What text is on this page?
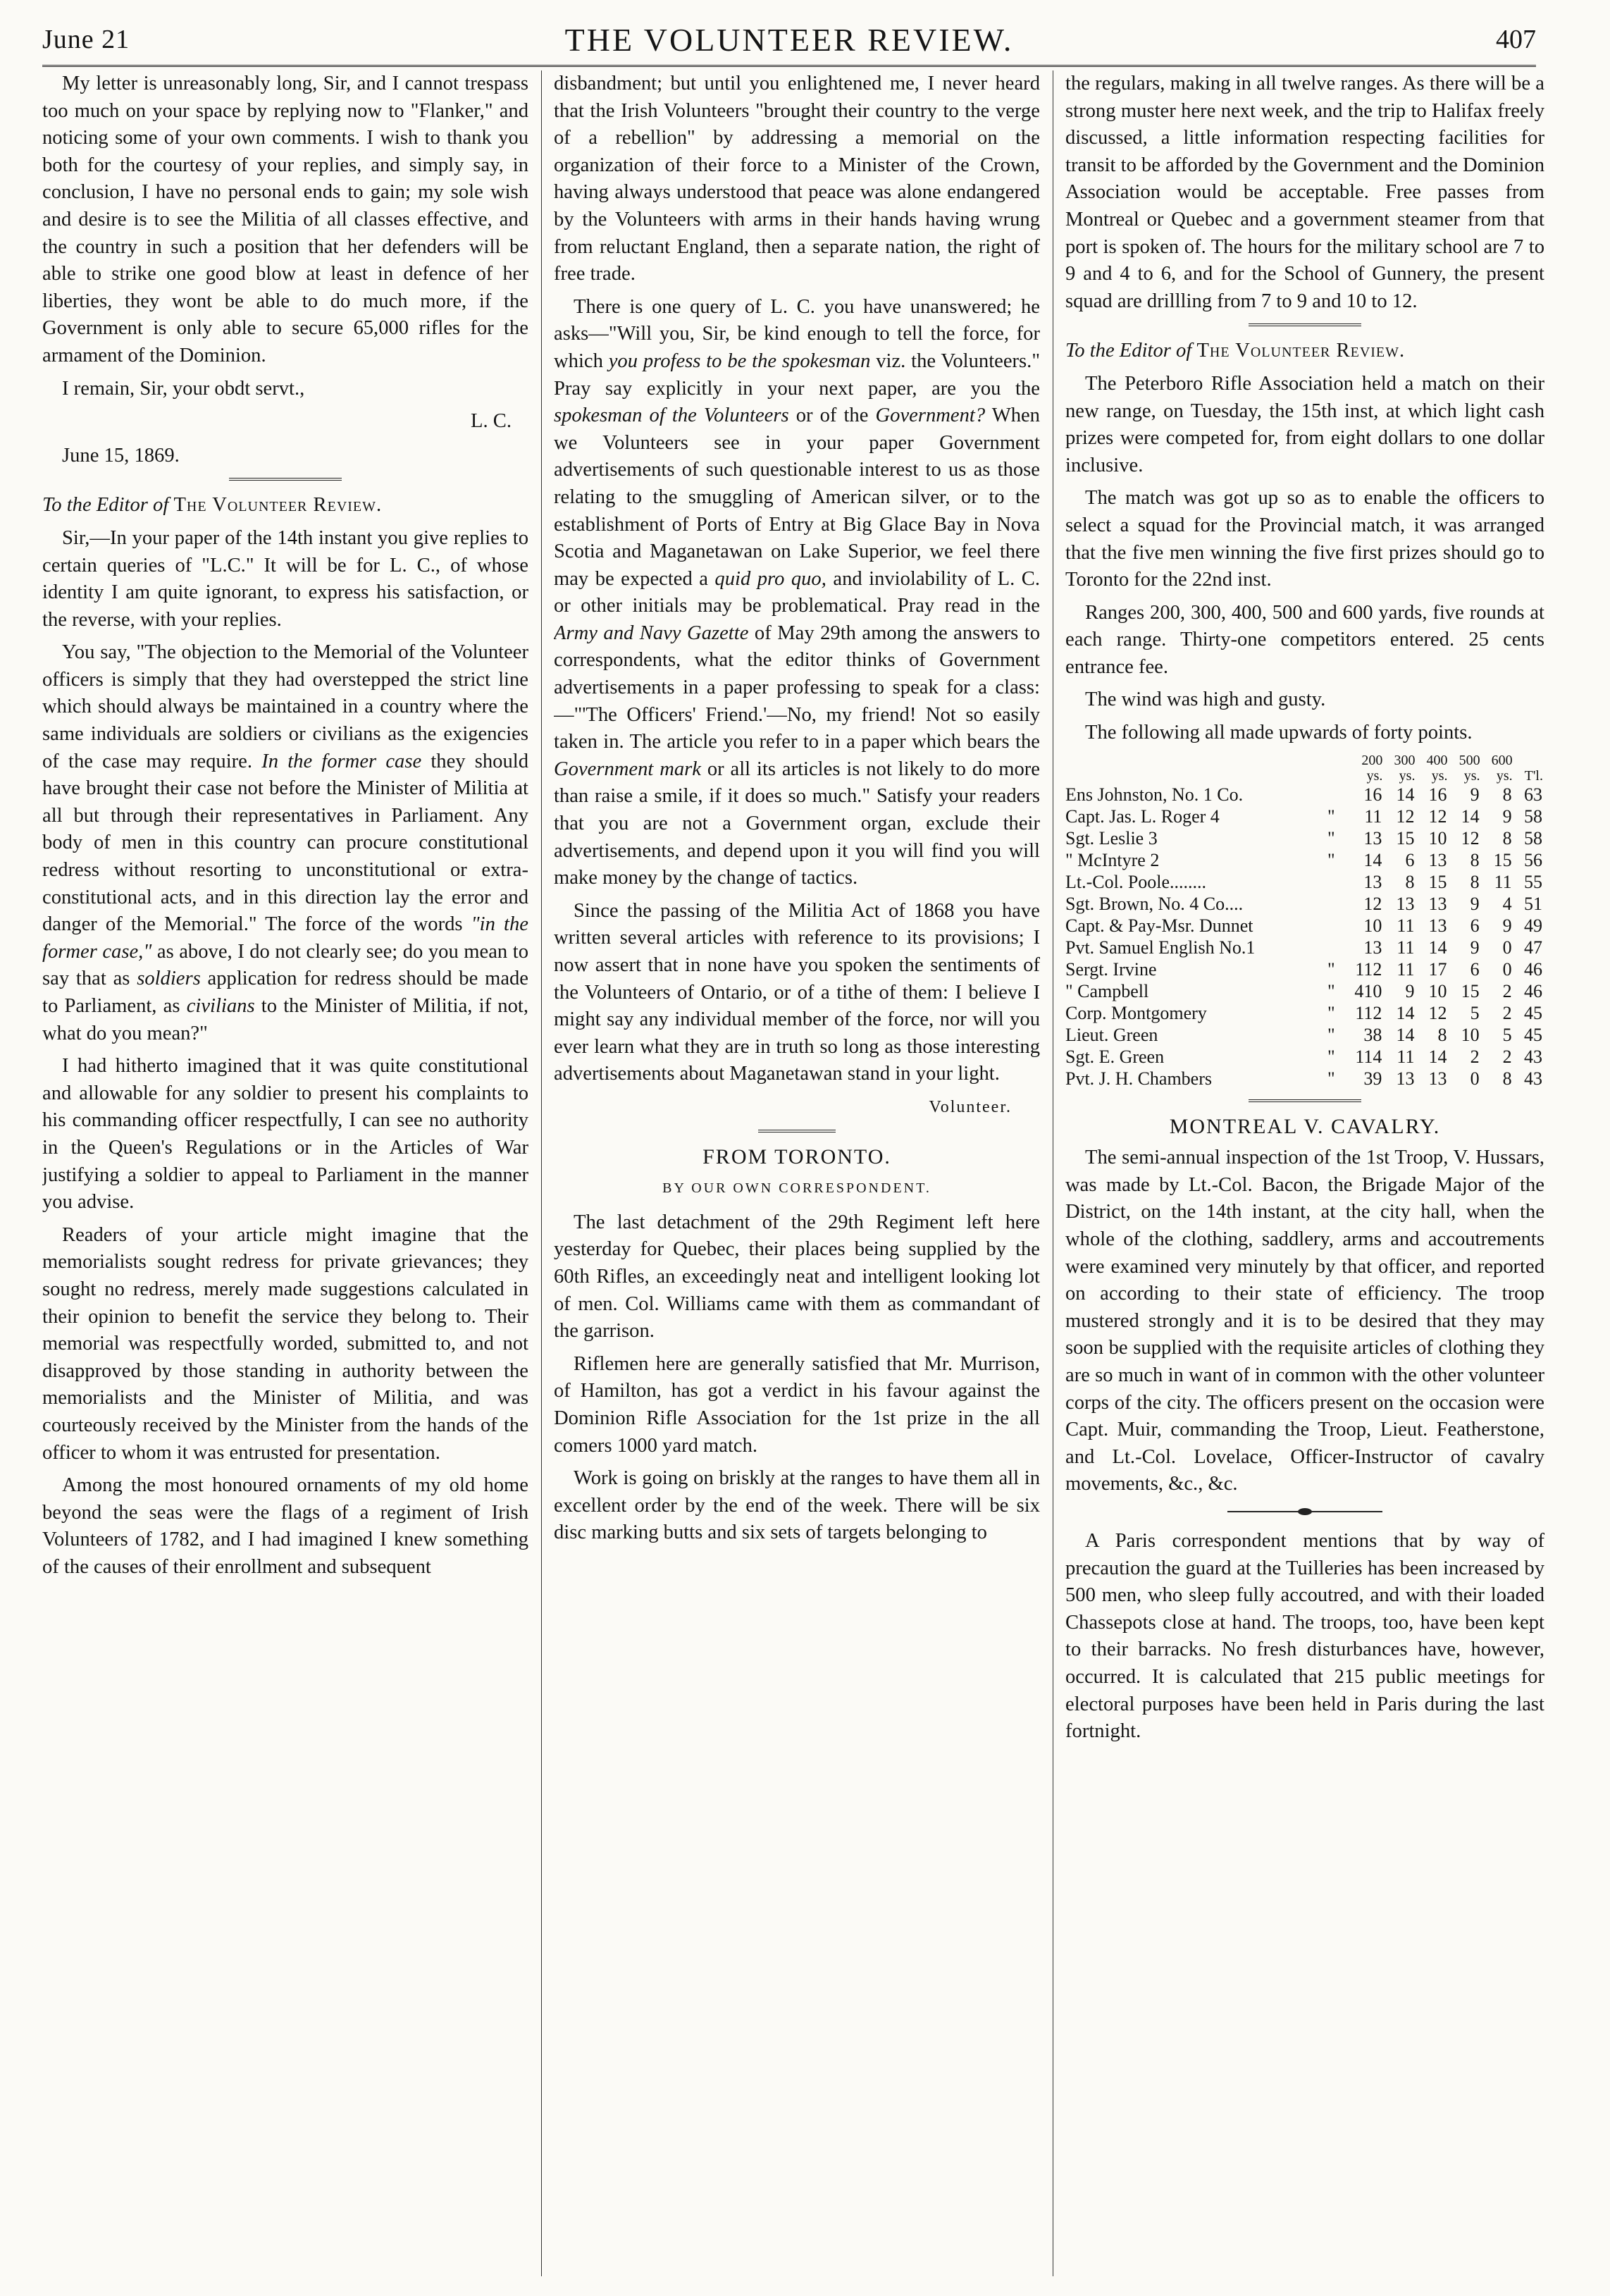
June 21	THE VOLUNTEER REVIEW.	407

My letter is unreasonably long, Sir, and I cannot trespass too much on your space by replying now to "Flanker," and noticing some of your own comments. I wish to thank you both for the courtesy of your replies, and simply say, in conclusion, I have no personal ends to gain; my sole wish and desire is to see the Militia of all classes effective, and the country in such a position that her defenders will be able to strike one good blow at least in defence of her liberties, they wont be able to do much more, if the Government is only able to secure 65,000 rifles for the armament of the Dominion.

I remain, Sir, your obdt servt.,

L. C.

June 15, 1869.

To the Editor of The Volunteer Review.

Sir,—In your paper of the 14th instant you give replies to certain queries of "L.C." It will be for L. C., of whose identity I am quite ignorant, to express his satisfaction, or the reverse, with your replies.

You say, "The objection to the Memorial of the Volunteer officers is simply that they had overstepped the strict line which should always be maintained in a country where the same individuals are soldiers or civilians as the exigencies of the case may require. In the former case they should have brought their case not before the Minister of Militia at all but through their representatives in Parliament. Any body of men in this country can procure constitutional redress without resorting to unconstitutional or extra-constitutional acts, and in this direction lay the error and danger of the Memorial." The force of the words "in the former case," as above, I do not clearly see; do you mean to say that as soldiers application for redress should be made to Parliament, as civilians to the Minister of Militia, if not, what do you mean?"

I had hitherto imagined that it was quite constitutional and allowable for any soldier to present his complaints to his commanding officer respectfully, I can see no authority in the Queen's Regulations or in the Articles of War justifying a soldier to appeal to Parliament in the manner you advise.

Readers of your article might imagine that the memorialists sought redress for private grievances; they sought no redress, merely made suggestions calculated in their opinion to benefit the service they belong to. Their memorial was respectfully worded, submitted to, and not disapproved by those standing in authority between the memorialists and the Minister of Militia, and was courteously received by the Minister from the hands of the officer to whom it was entrusted for presentation.

Among the most honoured ornaments of my old home beyond the seas were the flags of a regiment of Irish Volunteers of 1782, and I had imagined I knew something of the causes of their enrollment and subsequent

disbandment; but until you enlightened me, I never heard that the Irish Volunteers "brought their country to the verge of a rebellion" by addressing a memorial on the organization of their force to a Minister of the Crown, having always understood that peace was alone endangered by the Volunteers with arms in their hands having wrung from reluctant England, then a separate nation, the right of free trade.

There is one query of L. C. you have unanswered; he asks—"Will you, Sir, be kind enough to tell the force, for which you profess to be the spokesman viz. the Volunteers." Pray say explicitly in your next paper, are you the spokesman of the Volunteers or of the Government? When we Volunteers see in your paper Government advertisements of such questionable interest to us as those relating to the smuggling of American silver, or to the establishment of Ports of Entry at Big Glace Bay in Nova Scotia and Maganetawan on Lake Superior, we feel there may be expected a quid pro quo, and inviolability of L. C. or other initials may be problematical. Pray read in the Army and Navy Gazette of May 29th among the answers to correspondents, what the editor thinks of Government advertisements in a paper professing to speak for a class:—"'The Officers' Friend.'—No, my friend! Not so easily taken in. The article you refer to in a paper which bears the Government mark or all its articles is not likely to do more than raise a smile, if it does so much." Satisfy your readers that you are not a Government organ, exclude their advertisements, and depend upon it you will find you will make money by the change of tactics.

Since the passing of the Militia Act of 1868 you have written several articles with reference to its provisions; I now assert that in none have you spoken the sentiments of the Volunteers of Ontario, or of a tithe of them: I believe I might say any individual member of the force, nor will you ever learn what they are in truth so long as those interesting advertisements about Maganetawan stand in your light.

Volunteer.

FROM TORONTO.

BY OUR OWN CORRESPONDENT.

The last detachment of the 29th Regiment left here yesterday for Quebec, their places being supplied by the 60th Rifles, an exceedingly neat and intelligent looking lot of men. Col. Williams came with them as commandant of the garrison.

Riflemen here are generally satisfied that Mr. Murrison, of Hamilton, has got a verdict in his favour against the Dominion Rifle Association for the 1st prize in the all comers 1000 yard match.

Work is going on briskly at the ranges to have them all in excellent order by the end of the week. There will be six disc marking butts and six sets of targets belonging to

the regulars, making in all twelve ranges. As there will be a strong muster here next week, and the trip to Halifax freely discussed, a little information respecting facilities for transit to be afforded by the Government and the Dominion Association would be acceptable. Free passes from Montreal or Quebec and a government steamer from that port is spoken of. The hours for the military school are 7 to 9 and 4 to 6, and for the School of Gunnery, the present squad are drillling from 7 to 9 and 10 to 12.

To the Editor of The Volunteer Review.

The Peterboro Rifle Association held a match on their new range, on Tuesday, the 15th inst, at which light cash prizes were competed for, from eight dollars to one dollar inclusive.

The match was got up so as to enable the officers to select a squad for the Provincial match, it was arranged that the five men winning the five first prizes should go to Toronto for the 22nd inst.

Ranges 200, 300, 400, 500 and 600 yards, five rounds at each range. Thirty-one competitors entered. 25 cents entrance fee.

The wind was high and gusty.

The following all made upwards of forty points.

		200	300	400	500	600	
		ys.	ys.	ys.	ys.	ys.	T'l.
Ens Johnston, No. 1 Co.		16	14	16	9	8	63
Capt. Jas. L. Roger 4	"	11	12	12	14	9	58
Sgt. Leslie 3	"	13	15	10	12	8	58
" McIntyre 2	"	14	6	13	8	15	56
Lt.-Col. Poole........		13	8	15	8	11	55
Sgt. Brown, No. 4 Co....		12	13	13	9	4	51
Capt. & Pay-Msr. Dunnet		10	11	13	6	9	49
Pvt. Samuel English No.1		13	11	14	9	0	47
Sergt. Irvine	"	112	11	17	6	0	46
" Campbell	"	410	9	10	15	2	46
Corp. Montgomery	"	112	14	12	5	2	45
Lieut. Green	"	38	14	8	10	5	45
Sgt. E. Green	"	114	11	14	2	2	43
Pvt. J. H. Chambers	"	39	13	13	0	8	43

MONTREAL V. CAVALRY.

The semi-annual inspection of the 1st Troop, V. Hussars, was made by Lt.-Col. Bacon, the Brigade Major of the District, on the 14th instant, at the city hall, when the whole of the clothing, saddlery, arms and accoutrements were examined very minutely by that officer, and reported on according to their state of efficiency. The troop mustered strongly and it is to be desired that they may soon be supplied with the requisite articles of clothing they are so much in want of in common with the other volunteer corps of the city. The officers present on the occasion were Capt. Muir, commanding the Troop, Lieut. Featherstone, and Lt.-Col. Lovelace, Officer-Instructor of cavalry movements, &c., &c.

A Paris correspondent mentions that by way of precaution the guard at the Tuilleries has been increased by 500 men, who sleep fully accoutred, and with their loaded Chassepots close at hand. The troops, too, have been kept to their barracks. No fresh disturbances have, however, occurred. It is calculated that 215 public meetings for electoral purposes have been held in Paris during the last fortnight.
